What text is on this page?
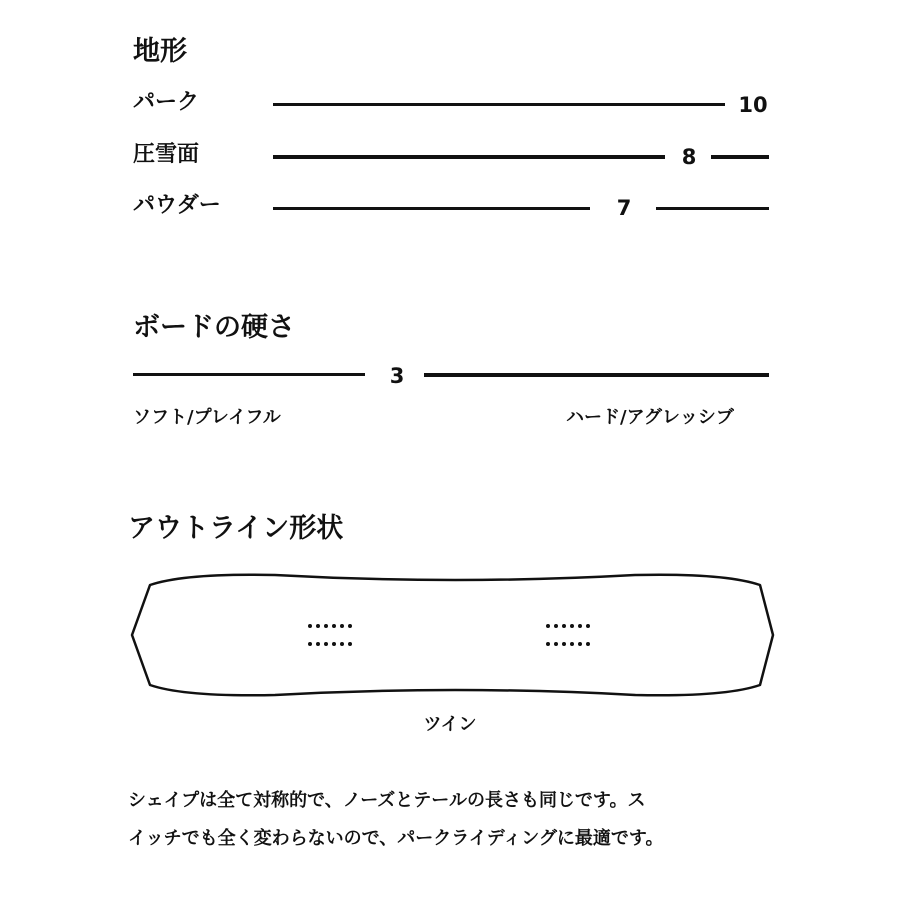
地形
パーク	10
圧雪面	8
パウダー	7
ボードの硬さ
3
ソフト/プレイフル	ハード/アグレッシブ
アウトライン形状
ツイン
シェイプは全て対称的で、ノーズとテールの長さも同じです。ス
イッチでも全く変わらないので、パークライディングに最適です。
